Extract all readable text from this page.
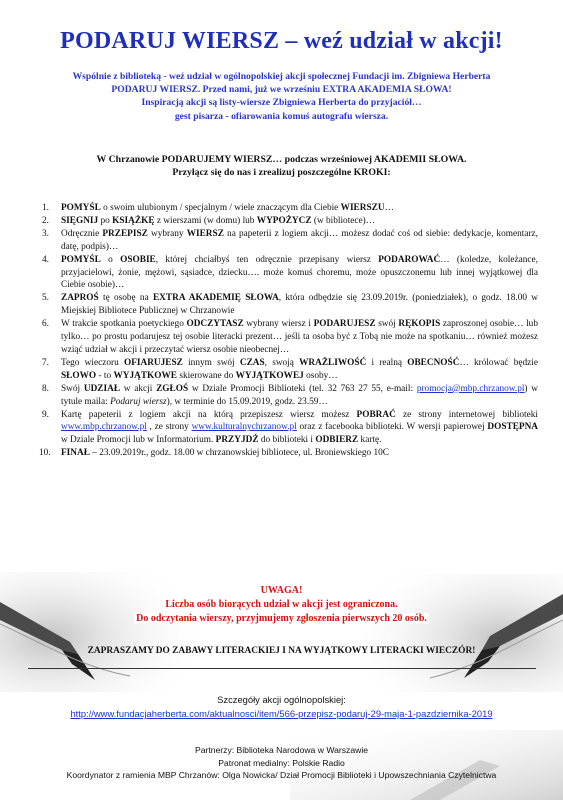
PODARUJ WIERSZ – weź udział w akcji!
Wspólnie z biblioteką - weź udział w ogólnopolskiej akcji społecznej Fundacji im. Zbigniewa Herberta
PODARUJ WIERSZ. Przed nami, już we wrześniu EXTRA AKADEMIA SŁOWA!
Inspiracją akcji są listy-wiersze Zbigniewa Herberta do przyjaciół…
gest pisarza - ofiarowania komuś autografu wiersza.
W Chrzanowie PODARUJEMY WIERSZ… podczas wrześniowej AKADEMII SŁOWA.
Przyłącz się do nas i zrealizuj poszczególne KROKI:
1. POMYŚL o swoim ulubionym / specjalnym / wiele znaczącym dla Ciebie WIERSZU…
2. SIĘGNIJ po KSIĄŻKĘ z wierszami (w domu) lub WYPOŻYCZ (w bibliotece)…
3. Odręcznie PRZEPISZ wybrany WIERSZ na papeterii z logiem akcji… możesz dodać coś od siebie: dedykacje, komentarz, datę, podpis)…
4. POMYŚL o OSOBIE, której chciałbyś ten odręcznie przepisany wiersz PODAROWAĆ… (koledze, koleżance, przyjacielowi, żonie, mężowi, sąsiadce, dziecku…. może komuś choremu, może opuszczonemu lub innej wyjątkowej dla Ciebie osobie)…
5. ZAPROŚ tę osobę na EXTRA AKADEMIĘ SŁOWA, która odbędzie się 23.09.2019r. (poniedziałek), o godz. 18.00 w Miejskiej Bibliotece Publicznej w Chrzanowie
6. W trakcie spotkania poetyckiego ODCZYTASZ wybrany wiersz i PODARUJESZ swój RĘKOPIS zaproszonej osobie… lub tylko… po prostu podarujesz tej osobie literacki prezent… jeśli ta osoba być z Tobą nie może na spotkaniu… również możesz wziąć udział w akcji i przeczytać wiersz osobie nieobecnej…
7. Tego wieczoru OFIARUJESZ innym swój CZAS, swoją WRAŻLIWOŚĆ i realną OBECNOŚĆ… królować będzie SŁOWO - to WYJĄTKOWE skierowane do WYJĄTKOWEJ osoby…
8. Swój UDZIAŁ w akcji ZGŁOŚ w Dziale Promocji Biblioteki (tel. 32 763 27 55, e-mail: promocja@mbp.chrzanow.pl) w tytule maila: Podaruj wiersz), w terminie do 15.09.2019, godz. 23.59…
9. Kartę papeterii z logiem akcji na którą przepiszesz wiersz możesz POBRAĆ ze strony internetowej biblioteki www.mbp.chrzanow.pl , ze strony www.kulturalnychrzanow.pl oraz z facebooka biblioteki. W wersji papierowej DOSTĘPNA w Dziale Promocji lub w Informatorium. PRZYJDŹ do biblioteki i ODBIERZ kartę.
10. FINAŁ – 23.09.2019r., godz. 18.00 w chrzanowskiej bibliotece, ul. Broniewskiego 10C
UWAGA!
Liczba osób biorących udział w akcji jest ograniczona.
Do odczytania wierszy, przyjmujemy zgłoszenia pierwszych 20 osób.
ZAPRASZAMY DO ZABAWY LITERACKIEJ I NA WYJĄTKOWY LITERACKI WIECZÓR!
Szczegóły akcji ogólnopolskiej:
http://www.fundacjaherberta.com/aktualnosci/item/566-przepisz-podaruj-29-maja-1-pazdziernika-2019
Partnerzy: Biblioteka Narodowa w Warszawie
Patronat medialny: Polskie Radio
Koordynator z ramienia MBP Chrzanów: Olga Nowicka/ Dział Promocji Biblioteki i Upowszechniania Czytelnictwa
